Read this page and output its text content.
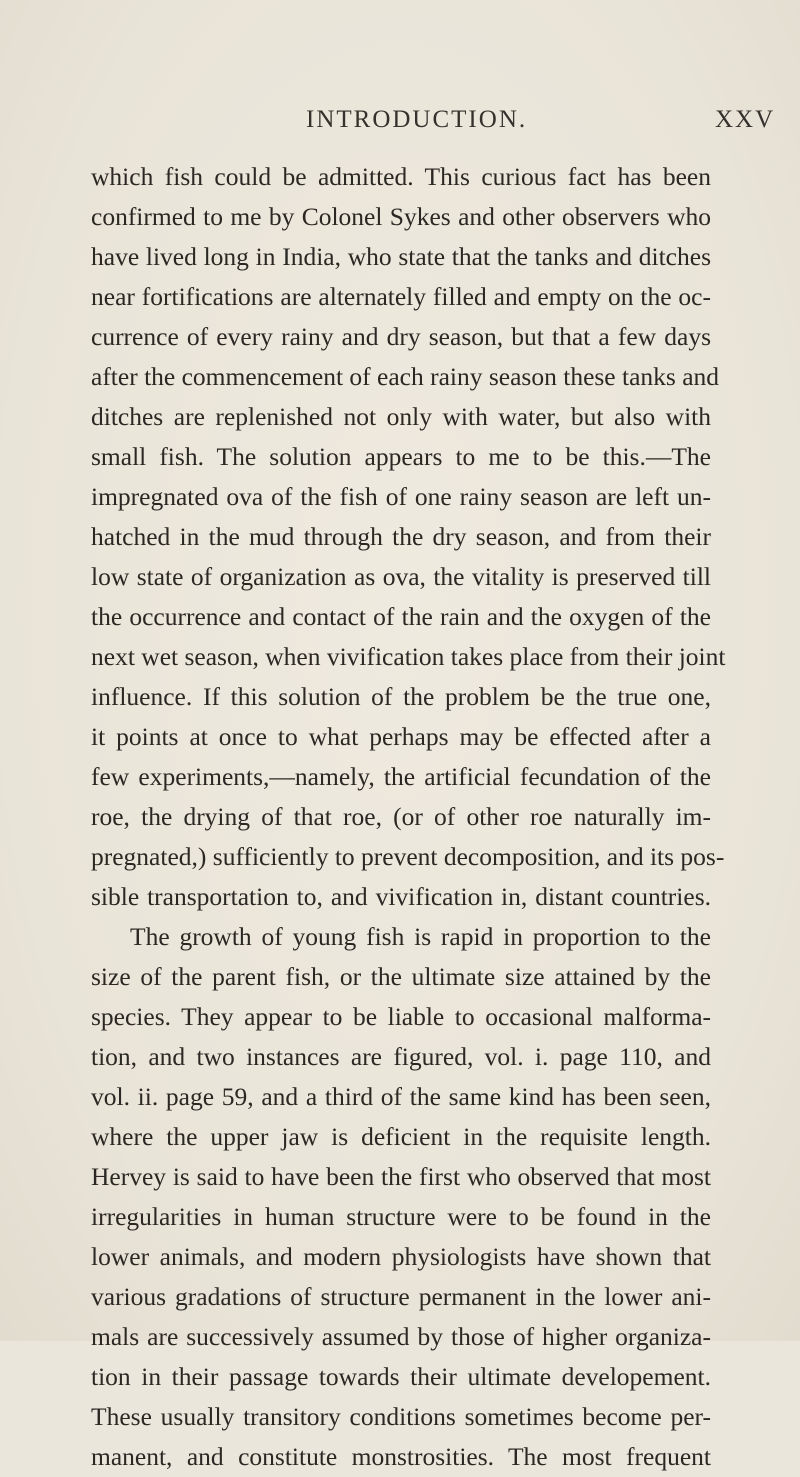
INTRODUCTION.	XXV
which fish could be admitted. This curious fact has been
confirmed to me by Colonel Sykes and other observers who
have lived long in India, who state that the tanks and ditches
near fortifications are alternately filled and empty on the oc-
currence of every rainy and dry season, but that a few days
after the commencement of each rainy season these tanks and
ditches are replenished not only with water, but also with
small fish. The solution appears to me to be this.—The
impregnated ova of the fish of one rainy season are left un-
hatched in the mud through the dry season, and from their
low state of organization as ova, the vitality is preserved till
the occurrence and contact of the rain and the oxygen of the
next wet season, when vivification takes place from their joint
influence. If this solution of the problem be the true one,
it points at once to what perhaps may be effected after a
few experiments,—namely, the artificial fecundation of the
roe, the drying of that roe, (or of other roe naturally im-
pregnated,) sufficiently to prevent decomposition, and its pos-
sible transportation to, and vivification in, distant countries.
The growth of young fish is rapid in proportion to the
size of the parent fish, or the ultimate size attained by the
species. They appear to be liable to occasional malforma-
tion, and two instances are figured, vol. i. page 110, and
vol. ii. page 59, and a third of the same kind has been seen,
where the upper jaw is deficient in the requisite length.
Hervey is said to have been the first who observed that most
irregularities in human structure were to be found in the
lower animals, and modern physiologists have shown that
various gradations of structure permanent in the lower ani-
mals are successively assumed by those of higher organiza-
tion in their passage towards their ultimate developement.
These usually transitory conditions sometimes become per-
manent, and constitute monstrosities. The most frequent
